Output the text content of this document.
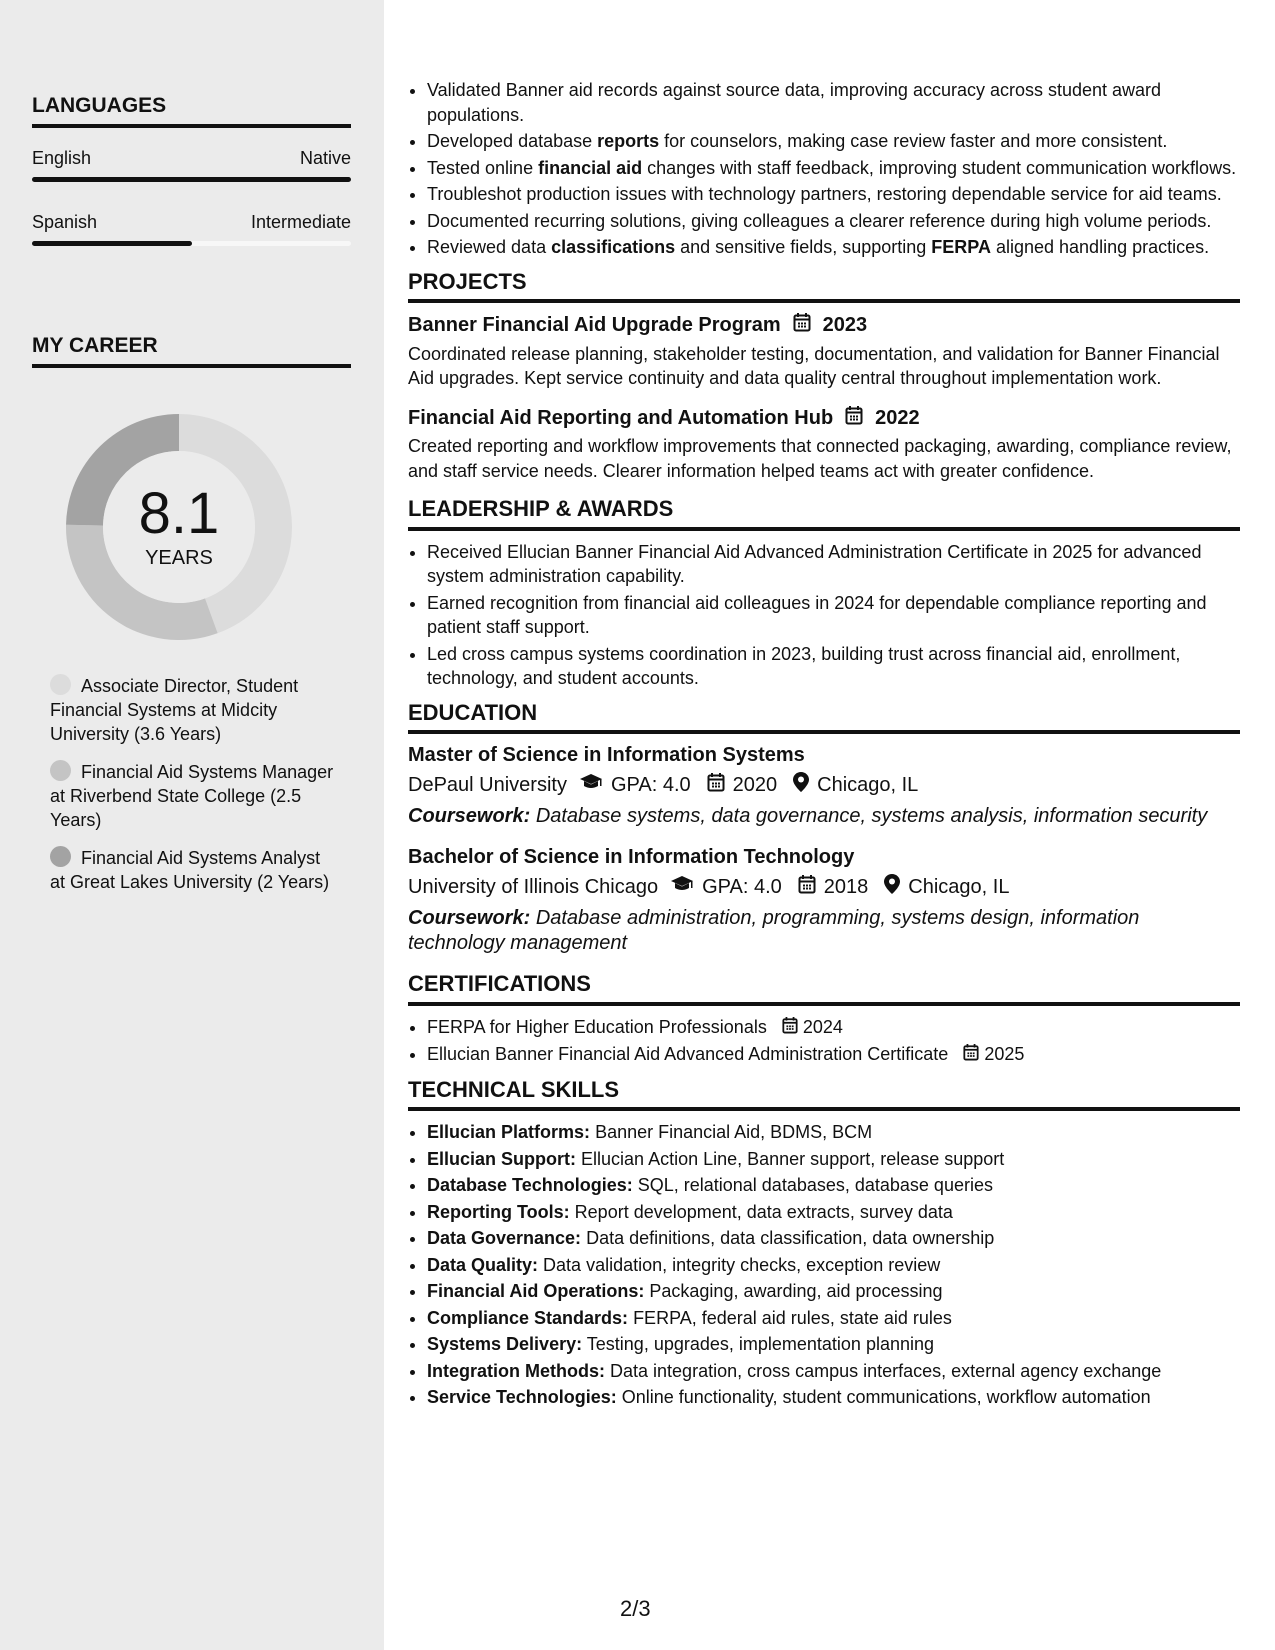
LANGUAGES
English	Native
Spanish	Intermediate
MY CAREER
8.1
YEARS
Associate Director, Student Financial Systems at Midcity University (3.6 Years)
Financial Aid Systems Manager at Riverbend State College (2.5 Years)
Financial Aid Systems Analyst at Great Lakes University (2 Years)
• Validated Banner aid records against source data, improving accuracy across student award populations.
• Developed database reports for counselors, making case review faster and more consistent.
• Tested online financial aid changes with staff feedback, improving student communication workflows.
• Troubleshot production issues with technology partners, restoring dependable service for aid teams.
• Documented recurring solutions, giving colleagues a clearer reference during high volume periods.
• Reviewed data classifications and sensitive fields, supporting FERPA aligned handling practices.
PROJECTS
Banner Financial Aid Upgrade Program 2023
Coordinated release planning, stakeholder testing, documentation, and validation for Banner Financial Aid upgrades. Kept service continuity and data quality central throughout implementation work.
Financial Aid Reporting and Automation Hub 2022
Created reporting and workflow improvements that connected packaging, awarding, compliance review, and staff service needs. Clearer information helped teams act with greater confidence.
LEADERSHIP & AWARDS
• Received Ellucian Banner Financial Aid Advanced Administration Certificate in 2025 for advanced system administration capability.
• Earned recognition from financial aid colleagues in 2024 for dependable compliance reporting and patient staff support.
• Led cross campus systems coordination in 2023, building trust across financial aid, enrollment, technology, and student accounts.
EDUCATION
Master of Science in Information Systems
DePaul University GPA: 4.0 2020 Chicago, IL
Coursework: Database systems, data governance, systems analysis, information security
Bachelor of Science in Information Technology
University of Illinois Chicago GPA: 4.0 2018 Chicago, IL
Coursework: Database administration, programming, systems design, information technology management
CERTIFICATIONS
• FERPA for Higher Education Professionals 2024
• Ellucian Banner Financial Aid Advanced Administration Certificate 2025
TECHNICAL SKILLS
• Ellucian Platforms: Banner Financial Aid, BDMS, BCM
• Ellucian Support: Ellucian Action Line, Banner support, release support
• Database Technologies: SQL, relational databases, database queries
• Reporting Tools: Report development, data extracts, survey data
• Data Governance: Data definitions, data classification, data ownership
• Data Quality: Data validation, integrity checks, exception review
• Financial Aid Operations: Packaging, awarding, aid processing
• Compliance Standards: FERPA, federal aid rules, state aid rules
• Systems Delivery: Testing, upgrades, implementation planning
• Integration Methods: Data integration, cross campus interfaces, external agency exchange
• Service Technologies: Online functionality, student communications, workflow automation
2/3
